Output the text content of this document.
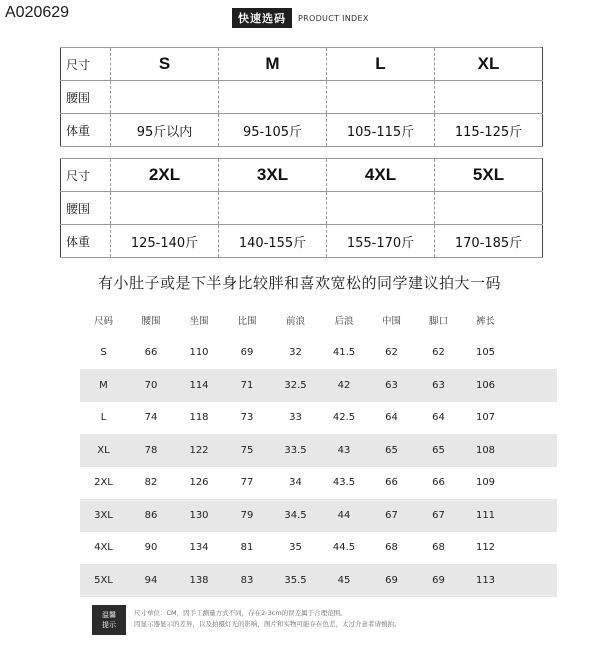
A020629	快速选码	PRODUCT INDEX
尺寸	S	M	L	XL
腰围				
体重	95斤以内	95-105斤	105-115斤	115-125斤
尺寸	2XL	3XL	4XL	5XL
腰围				
体重	125-140斤	140-155斤	155-170斤	170-185斤
有小肚子或是下半身比较胖和喜欢宽松的同学建议拍大一码
尺码	腰围	坐围	比围	前浪	后浪	中围	脚口	裤长
S	66	110	69	32	41.5	62	62	105
M	70	114	71	32.5	42	63	63	106
L	74	118	73	33	42.5	64	64	107
XL	78	122	75	33.5	43	65	65	108
2XL	82	126	77	34	43.5	66	66	109
3XL	86	130	79	34.5	44	67	67	111
4XL	90	134	81	35	44.5	68	68	112
5XL	94	138	83	35.5	45	69	69	113
温馨
提示
尺寸单位：CM，因手工测量方式不同，存在2-3cm的误差属于合理范围。
因显示器显示的差异，以及拍摄灯光的影响，图片和实物可能存在色差，太过介意者请慎拍。
